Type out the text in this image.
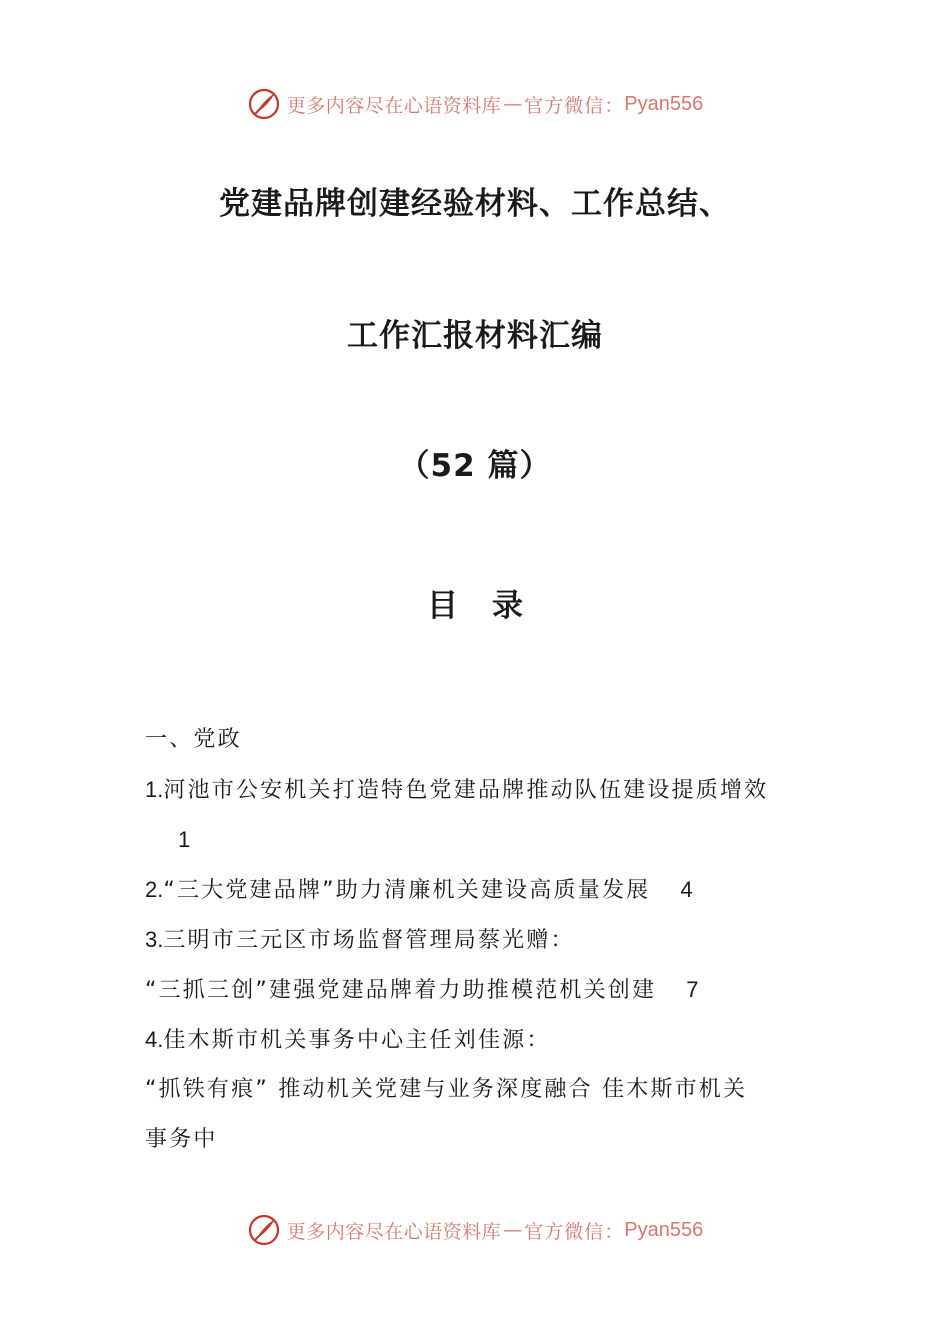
更多内容尽在心语资料库 — 官方微信： Pyan556
党建品牌创建经验材料、工作总结、
工作汇报材料汇编
（52 篇）
目 录
一、党政
1.河池市公安机关打造特色党建品牌推动队伍建设提质增效
1
2.“三大党建品牌”助力清廉机关建设高质量发展 4
3.三明市三元区市场监督管理局蔡光赠：
“三抓三创”建强党建品牌着力助推模范机关创建 7
4.佳木斯市机关事务中心主任刘佳源：
“抓铁有痕” 推动机关党建与业务深度融合 佳木斯市机关
事务中
更多内容尽在心语资料库 — 官方微信： Pyan556
